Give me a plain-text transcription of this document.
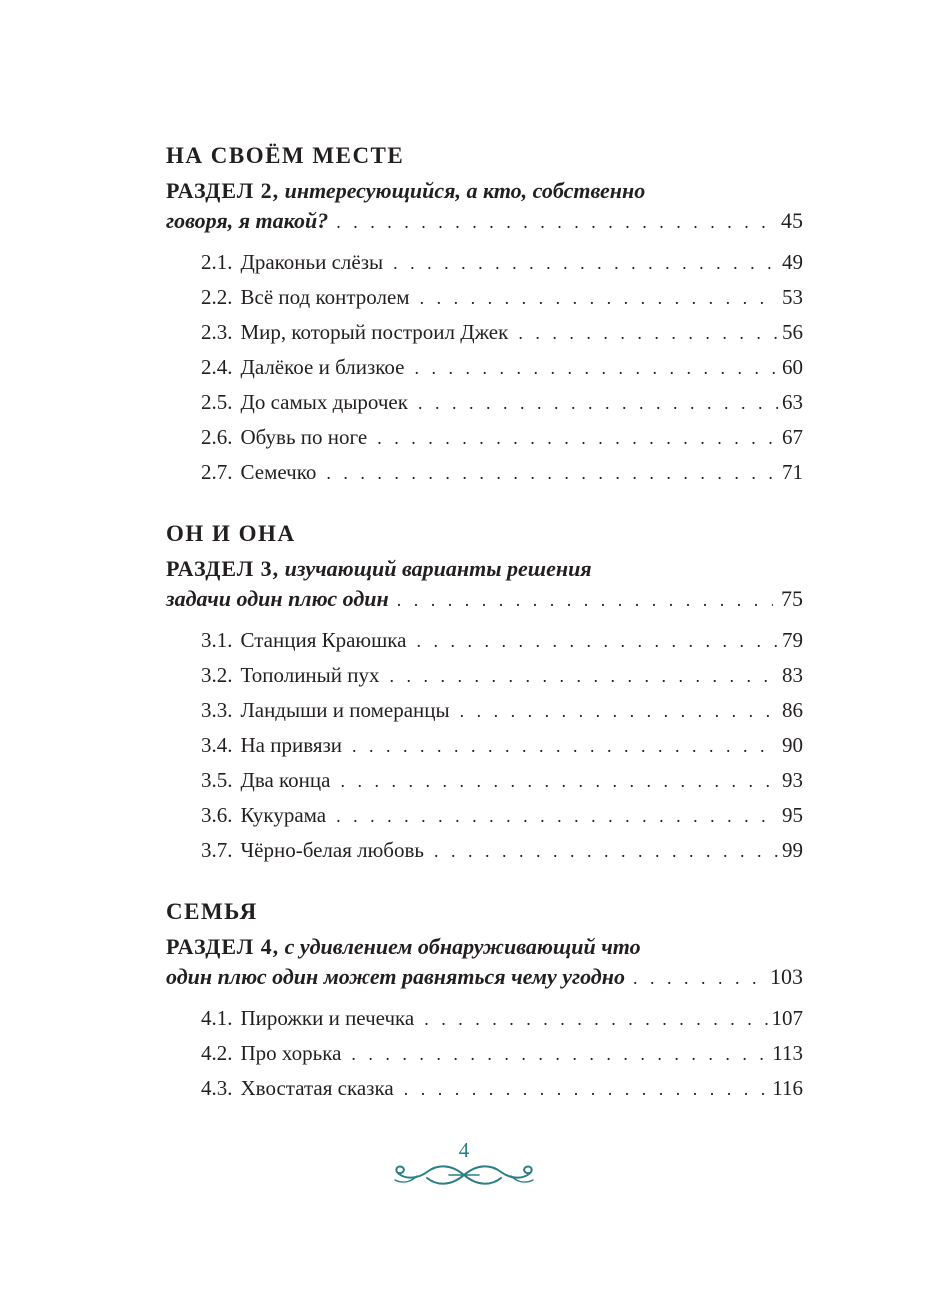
НА СВОЁМ МЕСТЕ
РАЗДЕЛ 2, интересующийся, а кто, собственно
говоря, я такой? . . .	45
2.1. Драконьи слёзы . . .	49
2.2. Всё под контролем . . .	53
2.3. Мир, который построил Джек . . .	56
2.4. Далёкое и близкое . . .	60
2.5. До самых дырочек . . .	63
2.6. Обувь по ноге . . .	67
2.7. Семечко . . .	71
ОН И ОНА
РАЗДЕЛ 3, изучающий варианты решения
задачи один плюс один . . .	75
3.1. Станция Краюшка . . .	79
3.2. Тополиный пух . . .	83
3.3. Ландыши и померанцы . . .	86
3.4. На привязи . . .	90
3.5. Два конца . . .	93
3.6. Кукурама . . .	95
3.7. Чёрно-белая любовь . . .	99
СЕМЬЯ
РАЗДЕЛ 4, с удивлением обнаруживающий что
один плюс один может равняться чему угодно . . .	103
4.1. Пирожки и печечка . . .	107
4.2. Про хорька . . .	113
4.3. Хвостатая сказка . . .	116
4
